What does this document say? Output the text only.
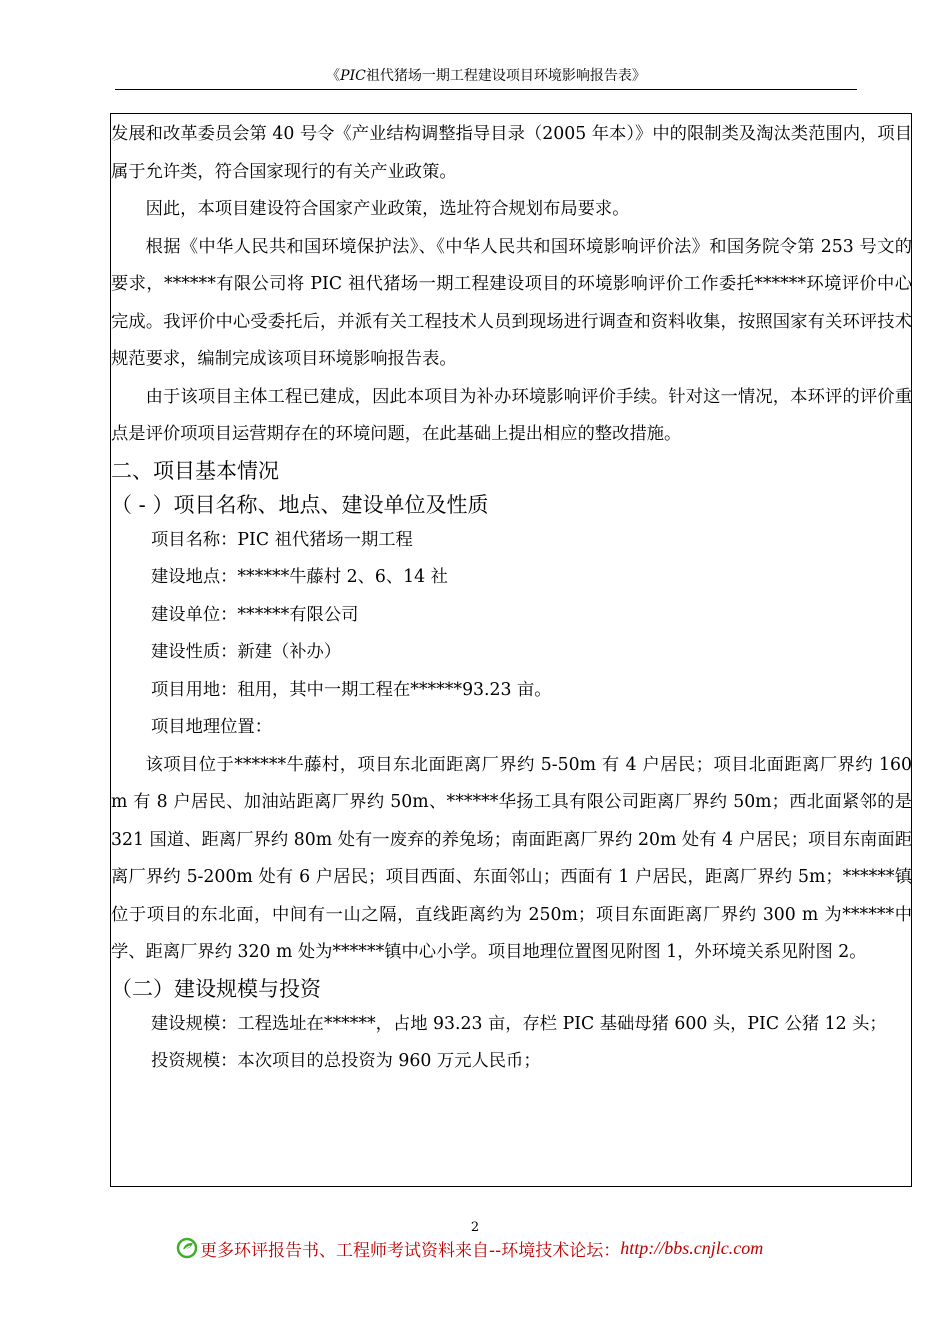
《PIC祖代猪场一期工程建设项目环境影响报告表》

发展和改革委员会第 40 号令《产业结构调整指导目录（2005 年本）》中的限制类及淘汰类范围内，项目属于允许类，符合国家现行的有关产业政策。

因此，本项目建设符合国家产业政策，选址符合规划布局要求。

根据《中华人民共和国环境保护法》、《中华人民共和国环境影响评价法》和国务院令第 253 号文的要求，******有限公司将 PIC 祖代猪场一期工程建设项目的环境影响评价工作委托******环境评价中心完成。我评价中心受委托后，并派有关工程技术人员到现场进行调查和资料收集，按照国家有关环评技术规范要求，编制完成该项目环境影响报告表。

由于该项目主体工程已建成，因此本项目为补办环境影响评价手续。针对这一情况，本环评的评价重点是评价项项目运营期存在的环境问题，在此基础上提出相应的整改措施。

二、项目基本情况

（ - ）项目名称、地点、建设单位及性质

项目名称：PIC 祖代猪场一期工程

建设地点：******牛藤村 2、6、14 社

建设单位：******有限公司

建设性质：新建（补办）

项目用地：租用，其中一期工程在******93.23 亩。

项目地理位置：

该项目位于******牛藤村，项目东北面距离厂界约 5-50m 有 4 户居民；项目北面距离厂界约 160 m 有 8 户居民、加油站距离厂界约 50m、******华扬工具有限公司距离厂界约 50m；西北面紧邻的是 321 国道、距离厂界约 80m 处有一废弃的养兔场；南面距离厂界约 20m 处有 4 户居民；项目东南面距离厂界约 5-200m 处有 6 户居民；项目西面、东面邻山；西面有 1 户居民，距离厂界约 5m；******镇位于项目的东北面，中间有一山之隔，直线距离约为 250m；项目东面距离厂界约 300 m 为******中学、距离厂界约 320 m 处为******镇中心小学。项目地理位置图见附图 1，外环境关系见附图 2。

（二）建设规模与投资

建设规模：工程选址在******，占地 93.23 亩，存栏 PIC 基础母猪 600 头，PIC 公猪 12 头；

投资规模：本次项目的总投资为 960 万元人民币；

2
更多环评报告书、工程师考试资料来自--环境技术论坛： http://bbs.cnjlc.com
